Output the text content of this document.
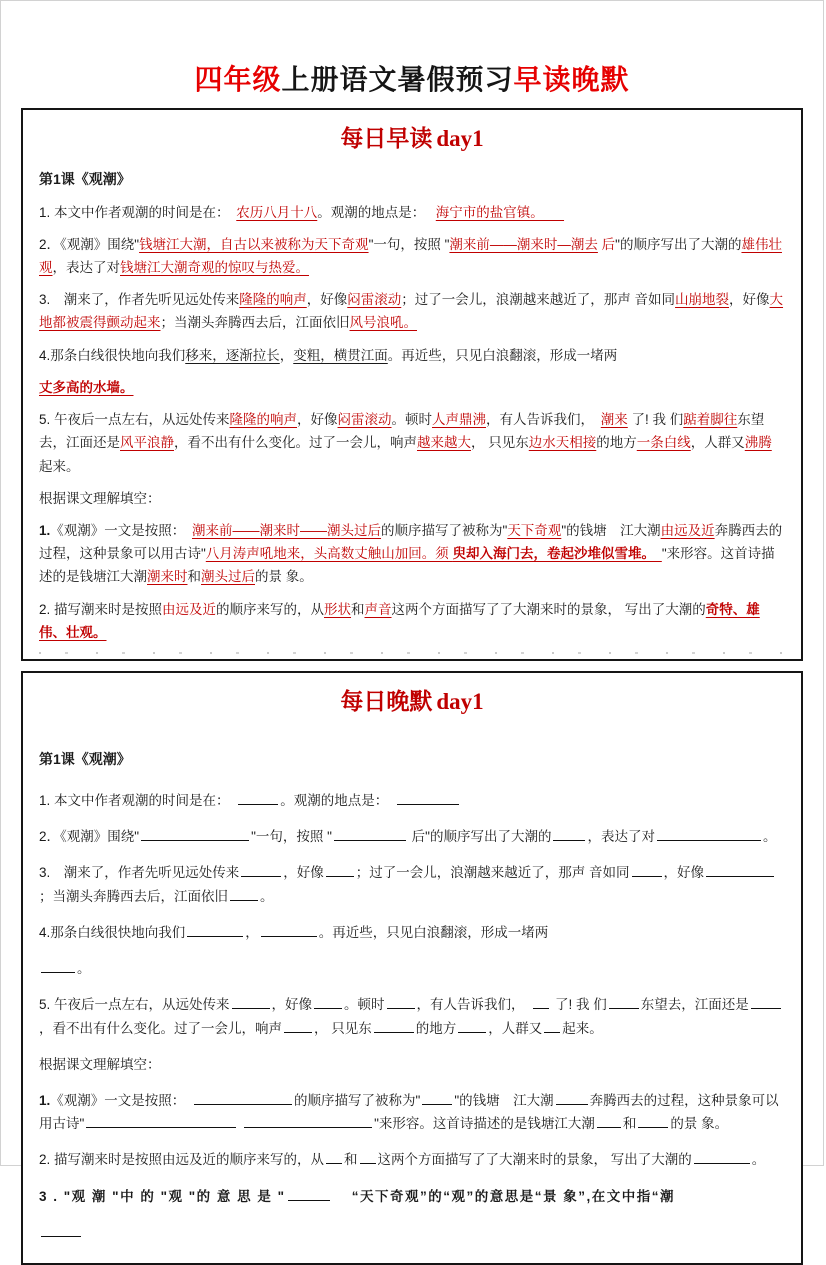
四年级上册语文暑假预习早读晚默
每日早读 day1
第1课《观潮》
1. 本文中作者观潮的时间是在：　农历八月十八。观潮的地点是：　 海宁市的盐官镇。　　
2．《观潮》围绕"钱塘江大潮，自古以来被称为天下奇观"一句，按照 "潮来前——潮来时—潮去 后"的顺序写出了大潮的雄伟壮观，表达了对钱塘江大潮奇观的惊叹与热爱。
3.　潮来了，作者先听见远处传来隆隆的响声，好像闷雷滚动；过了一会儿，浪潮越来越近了，那声 音如同山崩地裂，好像大地都被震得颤动起来；当潮头奔腾西去后，江面依旧风号浪吼。
4.那条白线很快地向我们移来，逐渐拉长，变粗，横贯江面。再近些，只见白浪翻滚，形成一堵两
丈多高的水墙。
5. 午夜后一点左右，从远处传来隆隆的响声，好像闷雷滚动。顿时人声鼎沸，有人告诉我们，　潮来 了! 我 们踮着脚往东望去，江面还是风平浪静，看不出有什么变化。过了一会儿，响声越来越大， 只见东边水天相接的地方一条白线，人群又沸腾起来。
根据课文理解填空：
1.《观潮》一文是按照：　潮来前——潮来时——潮头过后的顺序描写了被称为"天下奇观"的钱塘　江大潮由远及近奔腾西去的过程，这种景象可以用古诗"八月涛声吼地来，头高数丈触山加回。须 臾却入海门去，卷起沙堆似雪堆。　"来形容。这首诗描述的是钱塘江大潮潮来时和潮头过后的景 象。
2. 描写潮来时是按照由远及近的顺序来写的，从形状和声音这两个方面描写了了大潮来时的景象， 写出了大潮的奇特、雄伟、壮观。
每日晚默 day1
第1课《观潮》
1. 本文中作者观潮的时间是在：　	。观潮的地点是：　
2．《观潮》围绕"	"一句，按照 "	后"的顺序写出了大潮的	，表达了对	。
3.　潮来了，作者先听见远处传来	，好像 ；过了一会儿，浪潮越来越近了，那声 音如同	，好像；当潮头奔腾西去后，江面依旧 。
4.那条白线很快地向我们	，	。再近些，只见白浪翻滚，形成一堵两
。
5. 午夜后一点左右，从远处传来	，好像 。顿时 ，有人告诉我们，　 了! 我 们	东望去，江面还是，看不出有什么变化。过了一会儿，响声 ， 只见东	的地方 ，人群又 起来。
根据课文理解填空：
1.《观潮》一文是按照：　	的顺序描写了被称为"	"的钱塘　江大潮	奔腾西去的过程，这种景象可以用古诗"	"来形容。这首诗描述的是钱塘江大潮 和	的景 象。
2. 描写潮来时是按照由远及近的顺序来写的，从 和 这两个方面描写了了大潮来时的景象， 写出了大潮的	。
3 . "观 潮 "中 的 "观 "的 意 思 是 "	　 “天下奇观”的“观”的意思是“景 象”,在文中指“潮
